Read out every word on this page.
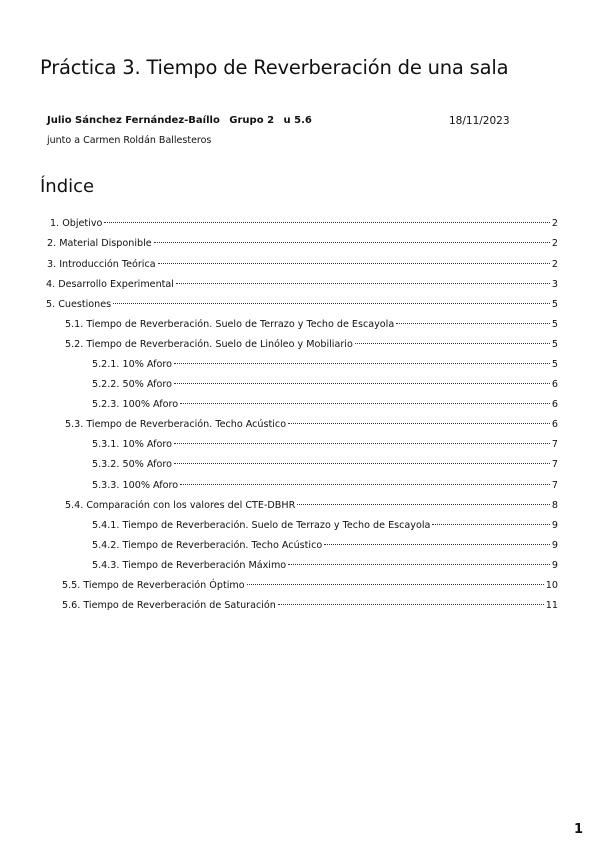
Práctica 3. Tiempo de Reverberación de una sala
Julio Sánchez Fernández-Baíllo Grupo 2 u 5.6	18/11/2023
junto a Carmen Roldán Ballesteros
Índice
1. Objetivo	2
2. Material Disponible	2
3. Introducción Teórica	2
4. Desarrollo Experimental	3
5. Cuestiones	5
5.1. Tiempo de Reverberación. Suelo de Terrazo y Techo de Escayola	5
5.2. Tiempo de Reverberación. Suelo de Linóleo y Mobiliario	5
5.2.1. 10% Aforo	5
5.2.2. 50% Aforo	6
5.2.3. 100% Aforo	6
5.3. Tiempo de Reverberación. Techo Acústico	6
5.3.1. 10% Aforo	7
5.3.2. 50% Aforo	7
5.3.3. 100% Aforo	7
5.4. Comparación con los valores del CTE-DBHR	8
5.4.1. Tiempo de Reverberación. Suelo de Terrazo y Techo de Escayola	9
5.4.2. Tiempo de Reverberación. Techo Acústico	9
5.4.3. Tiempo de Reverberación Máximo	9
5.5. Tiempo de Reverberación Óptimo	10
5.6. Tiempo de Reverberación de Saturación	11
1
